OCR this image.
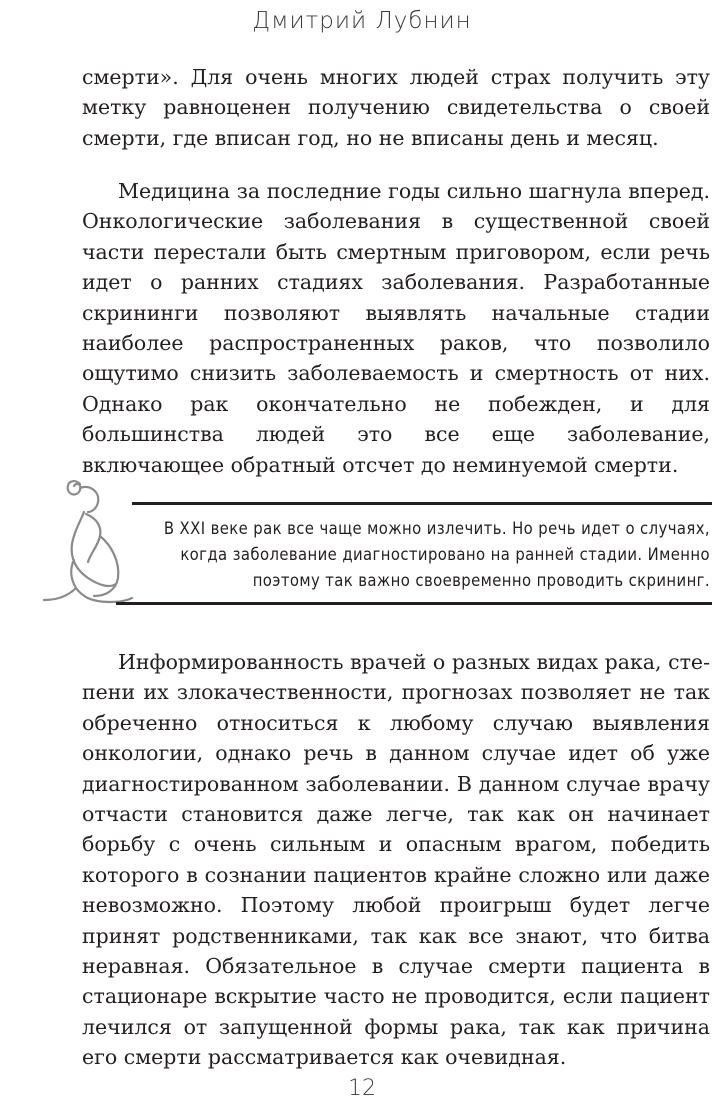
Дмитрий Лубнин

смерти». Для очень многих людей страх получить эту метку равноценен получению свидетельства о своей смерти, где вписан год, но не вписаны день и месяц.

Медицина за последние годы сильно шагнула вперед. Онкологические заболевания в существенной своей части перестали быть смертным приговором, если речь идет о ранних стадиях заболевания. Разработанные скрининги позволяют выявлять начальные стадии наиболее распространенных раков, что позволило ощутимо снизить заболеваемость и смертность от них. Однако рак окончательно не побежден, и для большинства людей это все еще заболевание, включающее обратный отсчет до неминуемой смерти.

В XXI веке рак все чаще можно излечить. Но речь идет о случаях,
когда заболевание диагностировано на ранней стадии. Именно
поэтому так важно своевременно проводить скрининг.

Информированность врачей о разных видах рака, степени их злокачественности, прогнозах позволяет не так обреченно относиться к любому случаю выявления онкологии, однако речь в данном случае идет об уже диагностированном заболевании. В данном случае врачу отчасти становится даже легче, так как он начинает борьбу с очень сильным и опасным врагом, победить которого в сознании пациентов крайне сложно или даже невозможно. Поэтому любой проигрыш будет легче принят родственниками, так как все знают, что битва неравная. Обязательное в случае смерти пациента в стационаре вскрытие часто не проводится, если пациент лечился от запущенной формы рака, так как причина его смерти рассматривается как очевидная.

12
